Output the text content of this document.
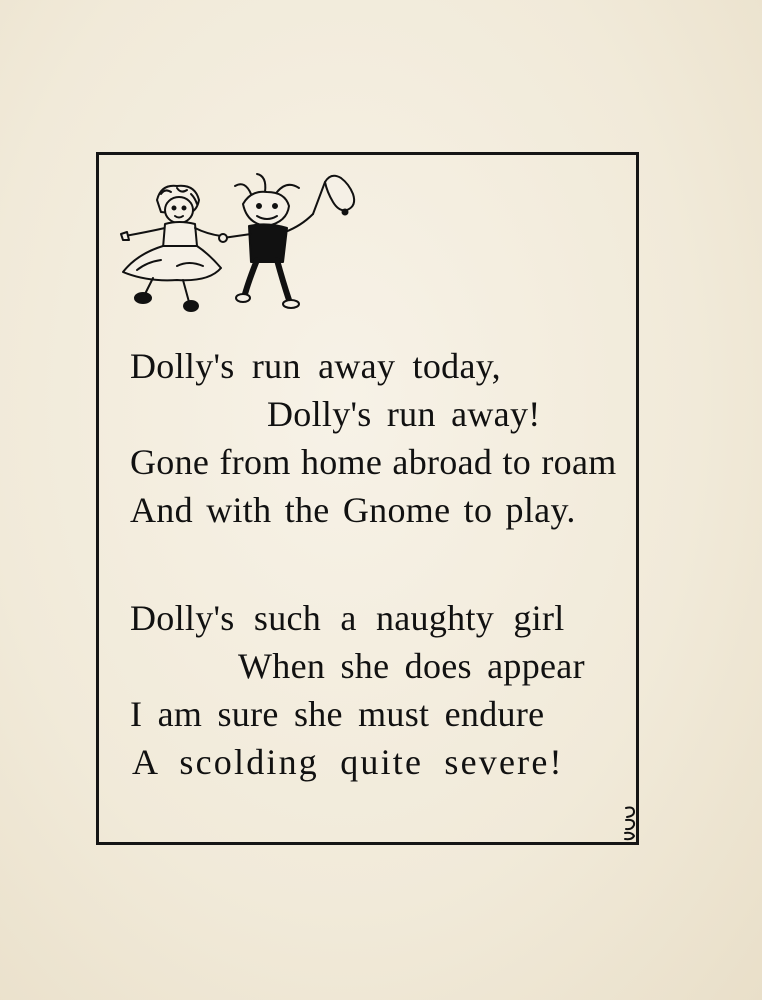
Dolly's run away today,
Dolly's run away!
Gone from home abroad to roam
And with the Gnome to play.
Dolly's such a naughty girl
When she does appear
I am sure she must endure
A scolding quite severe!
